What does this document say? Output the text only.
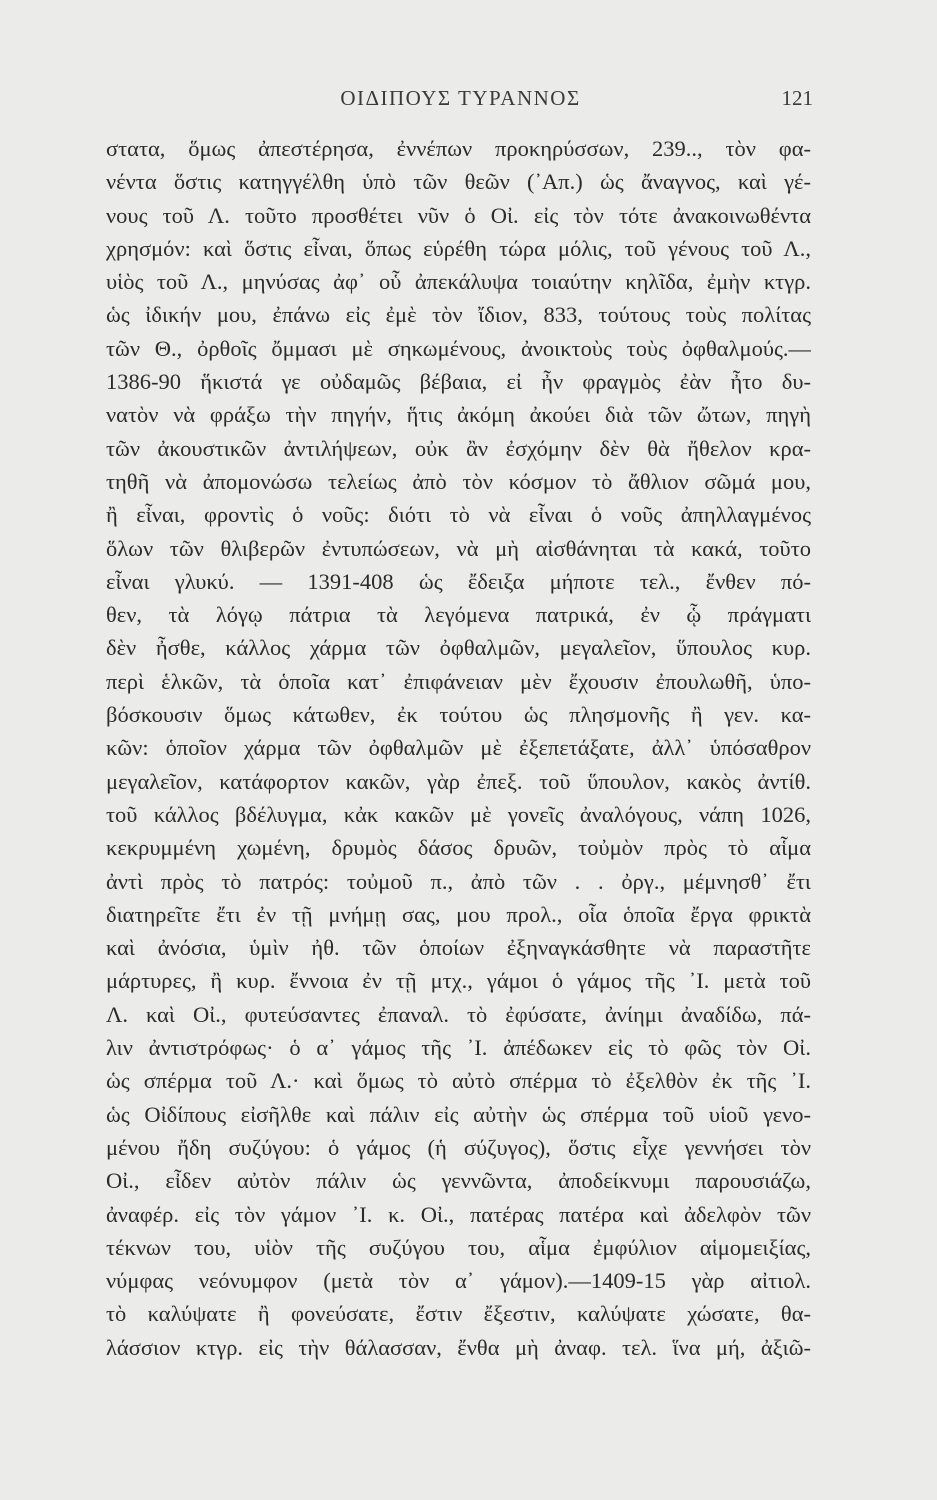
ΟΙΔΙΠΟΥΣ ΤΥΡΑΝΝΟΣ	121
στατα, ὅμως ἀπεστέρησα, ἐννέπων προκηρύσσων, 239.., τὸν φα-
νέντα ὅστις κατηγγέλθη ὑπὸ τῶν θεῶν (᾽Απ.) ὡς ἄναγνος, καὶ γέ-
νους τοῦ Λ. τοῦτο προσθέτει νῦν ὁ Οἰ. εἰς τὸν τότε ἀνακοινωθέντα
χρησμόν: καὶ ὅστις εἶναι, ὅπως εὑρέθη τώρα μόλις, τοῦ γένους τοῦ Λ.,
υἱὸς τοῦ Λ., μηνύσας ἀφ᾽ οὗ ἀπεκάλυψα τοιαύτην κηλῖδα, ἐμὴν κτγρ.
ὡς ἰδικήν μου, ἐπάνω εἰς ἐμὲ τὸν ἴδιον, 833, τούτους τοὺς πολίτας
τῶν Θ., ὀρθοῖς ὄμμασι μὲ σηκωμένους, ἀνοικτοὺς τοὺς ὀφθαλμούς.—
1386-90 ἥκιστά γε οὐδαμῶς βέβαια, εἰ ἦν φραγμὸς ἐὰν ἦτο δυ-
νατὸν νὰ φράξω τὴν πηγήν, ἥτις ἀκόμη ἀκούει διὰ τῶν ὤτων, πηγὴ
τῶν ἀκουστικῶν ἀντιλήψεων, οὐκ ἂν ἐσχόμην δὲν θὰ ἤθελον κρα-
τηθῆ νὰ ἀπομονώσω τελείως ἀπὸ τὸν κόσμον τὸ ἄθλιον σῶμά μου,
ἢ εἶναι, φροντὶς ὁ νοῦς: διότι τὸ νὰ εἶναι ὁ νοῦς ἀπηλλαγμένος
ὅλων τῶν θλιβερῶν ἐντυπώσεων, νὰ μὴ αἰσθάνηται τὰ κακά, τοῦτο
εἶναι γλυκύ. — 1391-408 ὡς ἔδειξα μήποτε τελ., ἔνθεν πό-
θεν, τὰ λόγῳ πάτρια τὰ λεγόμενα πατρικά, ἐν ᾧ πράγματι
δὲν ἦσθε, κάλλος χάρμα τῶν ὀφθαλμῶν, μεγαλεῖον, ὕπουλος κυρ.
περὶ ἑλκῶν, τὰ ὁποῖα κατ᾽ ἐπιφάνειαν μὲν ἔχουσιν ἐπουλωθῆ, ὑπο-
βόσκουσιν ὅμως κάτωθεν, ἐκ τούτου ὡς πλησμονῆς ἢ γεν. κα-
κῶν: ὁποῖον χάρμα τῶν ὀφθαλμῶν μὲ ἐξεπετάξατε, ἀλλ᾽ ὑπόσαθρον
μεγαλεῖον, κατάφορτον κακῶν, γὰρ ἐπεξ. τοῦ ὕπουλον, κακὸς ἀντίθ.
τοῦ κάλλος βδέλυγμα, κἀκ κακῶν μὲ γονεῖς ἀναλόγους, νάπη 1026,
κεκρυμμένη χωμένη, δρυμὸς δάσος δρυῶν, τοὐμὸν πρὸς τὸ αἷμα
ἀντὶ πρὸς τὸ πατρός: τοὐμοῦ π., ἀπὸ τῶν . . ὀργ., μέμνησθ᾽ ἔτι
διατηρεῖτε ἔτι ἐν τῇ μνήμῃ σας, μου προλ., οἷα ὁποῖα ἔργα φρικτὰ
καὶ ἀνόσια, ὑμὶν ἠθ. τῶν ὁποίων ἐξηναγκάσθητε νὰ παραστῆτε
μάρτυρες, ἢ κυρ. ἔννοια ἐν τῇ μτχ., γάμοι ὁ γάμος τῆς ᾽Ι. μετὰ τοῦ
Λ. καὶ Οἰ., φυτεύσαντες ἐπαναλ. τὸ ἐφύσατε, ἀνίημι ἀναδίδω, πά-
λιν ἀντιστρόφως· ὁ α᾽ γάμος τῆς ᾽Ι. ἀπέδωκεν εἰς τὸ φῶς τὸν Οἰ.
ὡς σπέρμα τοῦ Λ.· καὶ ὅμως τὸ αὐτὸ σπέρμα τὸ ἐξελθὸν ἐκ τῆς ᾽Ι.
ὡς Οἰδίπους εἰσῆλθε καὶ πάλιν εἰς αὐτὴν ὡς σπέρμα τοῦ υἱοῦ γενο-
μένου ἤδη συζύγου: ὁ γάμος (ἡ σύζυγος), ὅστις εἶχε γεννήσει τὸν
Οἰ., εἶδεν αὐτὸν πάλιν ὡς γεννῶντα, ἀποδείκνυμι παρουσιάζω,
ἀναφέρ. εἰς τὸν γάμον ᾽Ι. κ. Οἰ., πατέρας πατέρα καὶ ἀδελφὸν τῶν
τέκνων του, υἱὸν τῆς συζύγου του, αἷμα ἐμφύλιον αἱμομειξίας,
νύμφας νεόνυμφον (μετὰ τὸν α᾽ γάμον).—1409-15 γὰρ αἰτιολ.
τὸ καλύψατε ἢ φονεύσατε, ἔστιν ἔξεστιν, καλύψατε χώσατε, θα-
λάσσιον κτγρ. εἰς τὴν θάλασσαν, ἔνθα μὴ ἀναφ. τελ. ἵνα μή, ἀξιῶ-
